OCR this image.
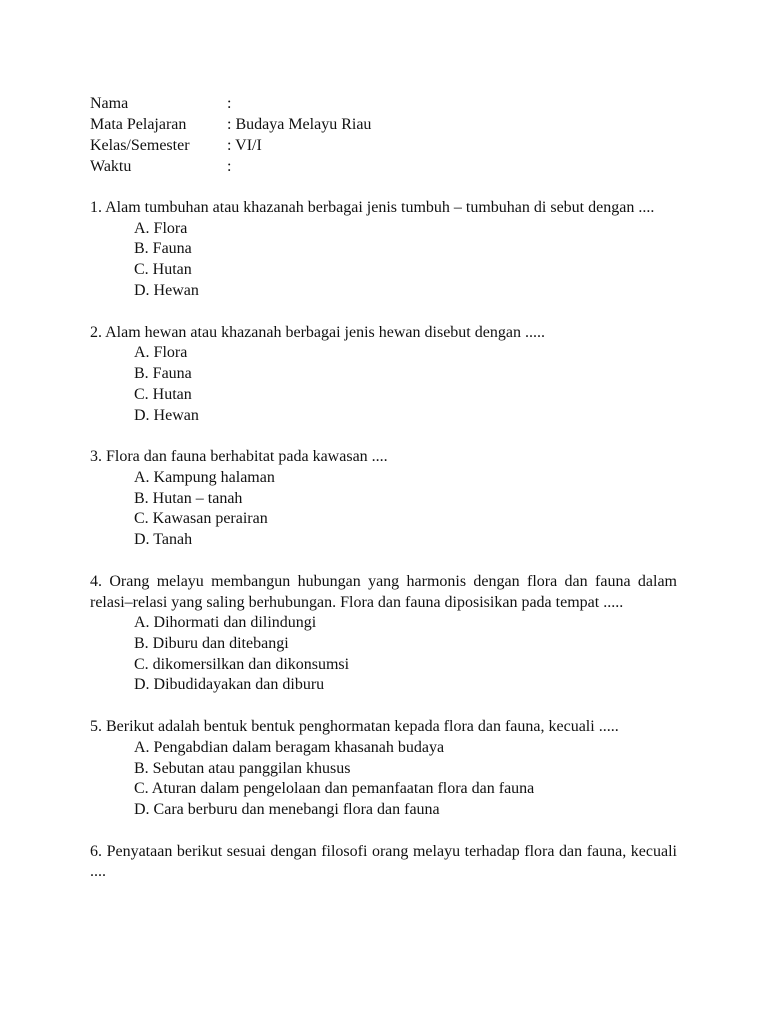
Nama	:
Mata Pelajaran	: Budaya Melayu Riau
Kelas/Semester	: VI/I
Waktu	:
1. Alam tumbuhan atau khazanah berbagai jenis tumbuh – tumbuhan di sebut dengan ....
A. Flora
B. Fauna
C. Hutan
D. Hewan
2. Alam hewan atau khazanah berbagai jenis hewan disebut dengan .....
A. Flora
B. Fauna
C. Hutan
D. Hewan
3. Flora dan fauna berhabitat pada kawasan ....
A. Kampung halaman
B. Hutan – tanah
C. Kawasan perairan
D. Tanah
4. Orang melayu membangun hubungan yang harmonis dengan flora dan fauna dalam relasi–relasi yang saling berhubungan. Flora dan fauna diposisikan pada tempat .....
A. Dihormati dan dilindungi
B. Diburu dan ditebangi
C. dikomersilkan dan dikonsumsi
D. Dibudidayakan dan diburu
5. Berikut adalah bentuk bentuk penghormatan kepada flora dan fauna, kecuali .....
A. Pengabdian dalam beragam khasanah budaya
B. Sebutan atau panggilan khusus
C. Aturan dalam pengelolaan dan pemanfaatan flora dan fauna
D. Cara berburu dan menebangi flora dan fauna
6. Penyataan berikut sesuai dengan filosofi orang melayu terhadap flora dan fauna, kecuali ....
